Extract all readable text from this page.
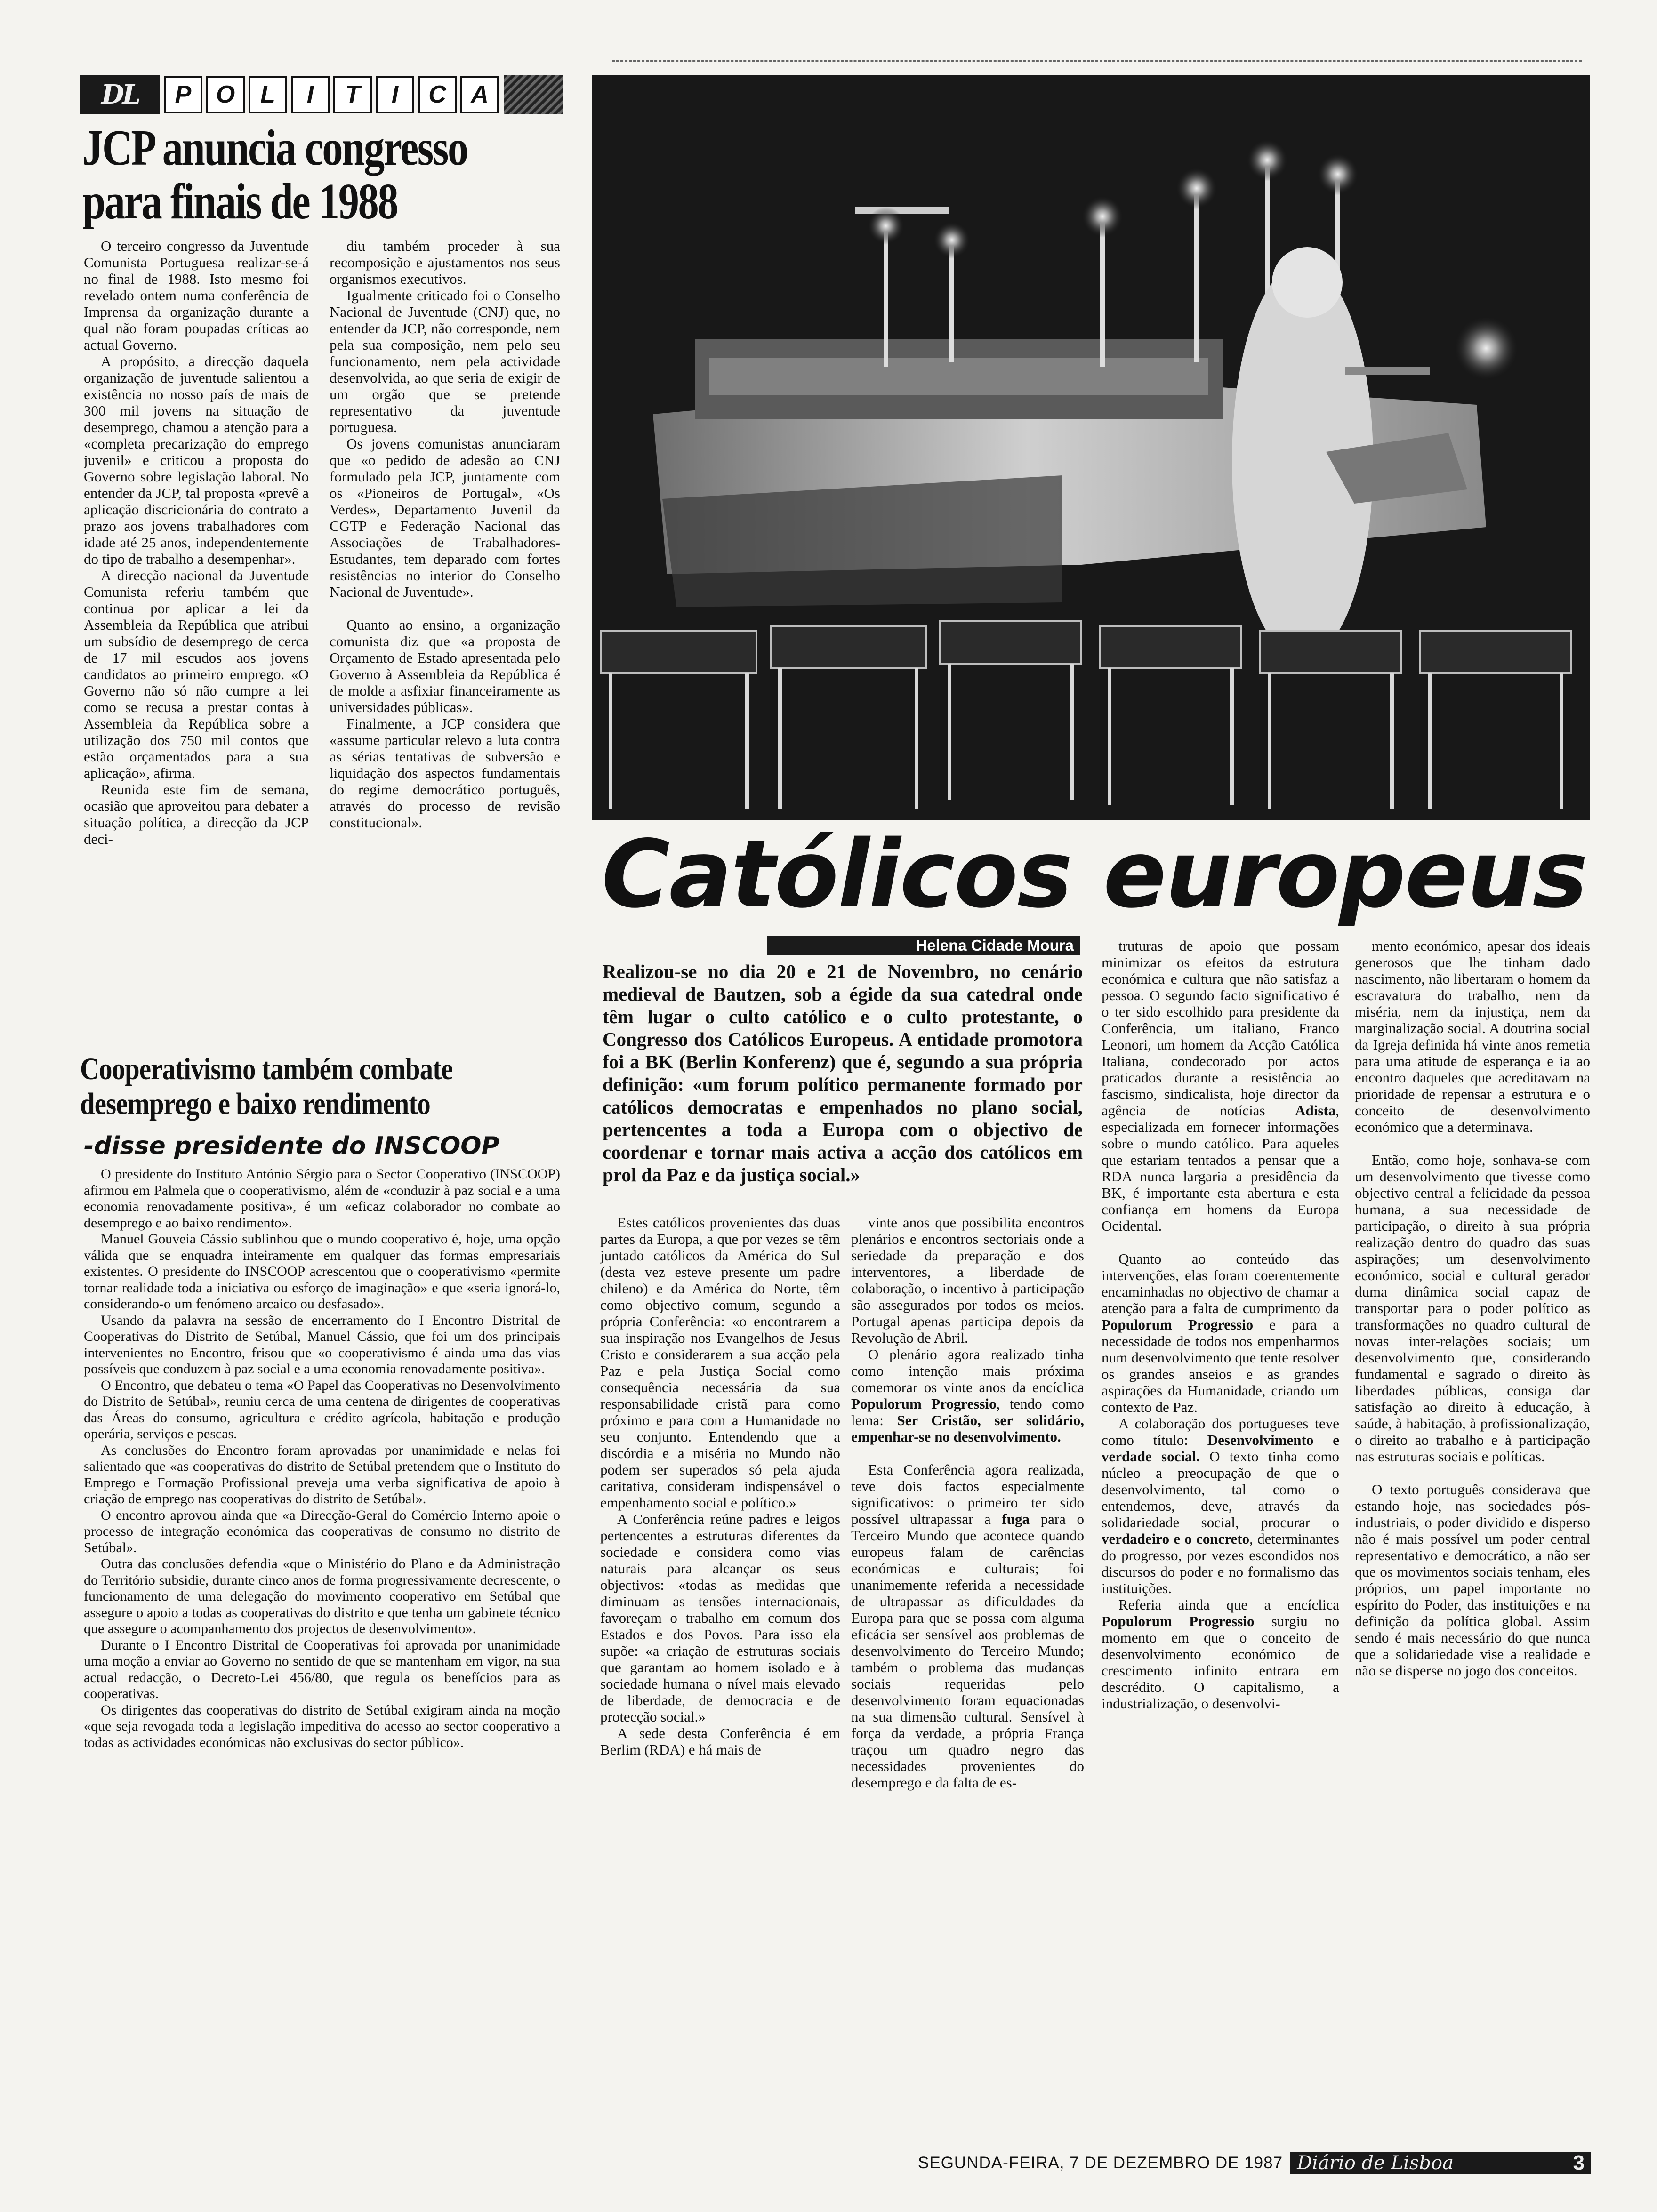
DL	P	O	L	I	T	I	C	A
JCP anuncia congresso para finais de 1988

O terceiro congresso da Juventude Comunista Portuguesa realizar-se-á no final de 1988. Isto mesmo foi revelado ontem numa conferência de Imprensa da organização durante a qual não foram poupadas críticas ao actual Governo.

A propósito, a direcção daquela organização de juventude salientou a existência no nosso país de mais de 300 mil jovens na situação de desemprego, chamou a atenção para a «completa precarização do emprego juvenil» e criticou a proposta do Governo sobre legislação laboral. No entender da JCP, tal proposta «prevê a aplicação discricionária do contrato a prazo aos jovens trabalhadores com idade até 25 anos, independentemente do tipo de trabalho a desempenhar».

A direcção nacional da Juventude Comunista referiu também que continua por aplicar a lei da Assembleia da República que atribui um subsídio de desemprego de cerca de 17 mil escudos aos jovens candidatos ao primeiro emprego. «O Governo não só não cumpre a lei como se recusa a prestar contas à Assembleia da República sobre a utilização dos 750 mil contos que estão orçamentados para a sua aplicação», afirma.

Reunida este fim de semana, ocasião que aproveitou para debater a situação política, a direcção da JCP deci-

diu também proceder à sua recomposição e ajustamentos nos seus organismos executivos.

Igualmente criticado foi o Conselho Nacional de Juventude (CNJ) que, no entender da JCP, não corresponde, nem pela sua composição, nem pelo seu funcionamento, nem pela actividade desenvolvida, ao que seria de exigir de um orgão que se pretende representativo da juventude portuguesa.

Os jovens comunistas anunciaram que «o pedido de adesão ao CNJ formulado pela JCP, juntamente com os «Pioneiros de Portugal», «Os Verdes», Departamento Juvenil da CGTP e Federação Nacional das Associações de Trabalhadores-Estudantes, tem deparado com fortes resistências no interior do Conselho Nacional de Juventude».

Quanto ao ensino, a organização comunista diz que «a proposta de Orçamento de Estado apresentada pelo Governo à Assembleia da República é de molde a asfixiar financeiramente as universidades públicas».

Finalmente, a JCP considera que «assume particular relevo a luta contra as sérias tentativas de subversão e liquidação dos aspectos fundamentais do regime democrático português, através do processo de revisão constitucional».	Católicos europeus
Helena Cidade Moura
Realizou-se no dia 20 e 21 de Novembro, no cenário medieval de Bautzen, sob a égide da sua catedral onde têm lugar o culto católico e o culto protestante, o Congresso dos Católicos Europeus. A entidade promotora foi a BK (Berlin Konferenz) que é, segundo a sua própria definição: «um forum político permanente formado por católicos democratas e empenhados no plano social, pertencentes a toda a Europa com o objectivo de coordenar e tornar mais activa a acção dos católicos em prol da Paz e da justiça social.»

Estes católicos provenientes das duas partes da Europa, a que por vezes se têm juntado católicos da América do Sul (desta vez esteve presente um padre chileno) e da América do Norte, têm como objectivo comum, segundo a própria Conferência: «o encontrarem a sua inspiração nos Evangelhos de Jesus Cristo e considerarem a sua acção pela Paz e pela Justiça Social como consequência necessária da sua responsabilidade cristã para como próximo e para com a Humanidade no seu conjunto. Entendendo que a discórdia e a miséria no Mundo não podem ser superados só pela ajuda caritativa, consideram indispensável o empenhamento social e político.»

A Conferência reúne padres e leigos pertencentes a estruturas diferentes da sociedade e considera como vias naturais para alcançar os seus objectivos: «todas as medidas que diminuam as tensões internacionais, favoreçam o trabalho em comum dos Estados e dos Povos. Para isso ela supõe: «a criação de estruturas sociais que garantam ao homem isolado e à sociedade humana o nível mais elevado de liberdade, de democracia e de protecção social.»

A sede desta Conferência é em Berlim (RDA) e há mais de

vinte anos que possibilita encontros plenários e encontros sectoriais onde a seriedade da preparação e dos interventores, a liberdade de colaboração, o incentivo à participação são assegurados por todos os meios. Portugal apenas participa depois da Revolução de Abril.

O plenário agora realizado tinha como intenção mais próxima comemorar os vinte anos da encíclica Populorum Progressio, tendo como lema: Ser Cristão, ser solidário, empenhar-se no desenvolvimento.

Esta Conferência agora realizada, teve dois factos especialmente significativos: o primeiro ter sido possível ultrapassar a fuga para o Terceiro Mundo que acontece quando europeus falam de carências económicas e culturais; foi unanimemente referida a necessidade de ultrapassar as dificuldades da Europa para que se possa com alguma eficácia ser sensível aos problemas de desenvolvimento do Terceiro Mundo; também o problema das mudanças sociais requeridas pelo desenvolvimento foram equacionadas na sua dimensão cultural. Sensível à força da verdade, a própria França traçou um quadro negro das necessidades provenientes do desemprego e da falta de es-

truturas de apoio que possam minimizar os efeitos da estrutura económica e cultura que não satisfaz a pessoa. O segundo facto significativo é o ter sido escolhido para presidente da Conferência, um italiano, Franco Leonori, um homem da Acção Católica Italiana, condecorado por actos praticados durante a resistência ao fascismo, sindicalista, hoje director da agência de notícias Adista, especializada em fornecer informações sobre o mundo católico. Para aqueles que estariam tentados a pensar que a RDA nunca largaria a presidência da BK, é importante esta abertura e esta confiança em homens da Europa Ocidental.

Quanto ao conteúdo das intervenções, elas foram coerentemente encaminhadas no objectivo de chamar a atenção para a falta de cumprimento da Populorum Progressio e para a necessidade de todos nos empenharmos num desenvolvimento que tente resolver os grandes anseios e as grandes aspirações da Humanidade, criando um contexto de Paz.

A colaboração dos portugueses teve como título: Desenvolvimento e verdade social. O texto tinha como núcleo a preocupação de que o desenvolvimento, tal como o entendemos, deve, através da solidariedade social, procurar o verdadeiro e o concreto, determinantes do progresso, por vezes escondidos nos discursos do poder e no formalismo das instituições.

Referia ainda que a encíclica Populorum Progressio surgiu no momento em que o conceito de desenvolvimento económico de crescimento infinito entrara em descrédito. O capitalismo, a industrialização, o desenvolvi-

mento económico, apesar dos ideais generosos que lhe tinham dado nascimento, não libertaram o homem da escravatura do trabalho, nem da miséria, nem da injustiça, nem da marginalização social. A doutrina social da Igreja definida há vinte anos remetia para uma atitude de esperança e ia ao encontro daqueles que acreditavam na prioridade de repensar a estrutura e o conceito de desenvolvimento económico que a determinava.

Então, como hoje, sonhava-se com um desenvolvimento que tivesse como objectivo central a felicidade da pessoa humana, a sua necessidade de participação, o direito à sua própria realização dentro do quadro das suas aspirações; um desenvolvimento económico, social e cultural gerador duma dinâmica social capaz de transportar para o poder político as transformações no quadro cultural de novas inter-relações sociais; um desenvolvimento que, considerando fundamental e sagrado o direito às liberdades públicas, consiga dar satisfação ao direito à educação, à saúde, à habitação, à profissionalização, o direito ao trabalho e à participação nas estruturas sociais e políticas.

O texto português considerava que estando hoje, nas sociedades pós-industriais, o poder dividido e disperso não é mais possível um poder central representativo e democrático, a não ser que os movimentos sociais tenham, eles próprios, um papel importante no espírito do Poder, das instituições e na definição da política global. Assim sendo é mais necessário do que nunca que a solidariedade vise a realidade e não se disperse no jogo dos conceitos.

Cooperativismo também combate desemprego e baixo rendimento
-disse presidente do INSCOOP

O presidente do Instituto António Sérgio para o Sector Cooperativo (INSCOOP) afirmou em Palmela que o cooperativismo, além de «conduzir à paz social e a uma economia renovadamente positiva», é um «eficaz colaborador no combate ao desemprego e ao baixo rendimento».

Manuel Gouveia Cássio sublinhou que o mundo cooperativo é, hoje, uma opção válida que se enquadra inteiramente em qualquer das formas empresariais existentes. O presidente do INSCOOP acrescentou que o cooperativismo «permite tornar realidade toda a iniciativa ou esforço de imaginação» e que «seria ignorá-lo, considerando-o um fenómeno arcaico ou desfasado».

Usando da palavra na sessão de encerramento do I Encontro Distrital de Cooperativas do Distrito de Setúbal, Manuel Cássio, que foi um dos principais intervenientes no Encontro, frisou que «o cooperativismo é ainda uma das vias possíveis que conduzem à paz social e a uma economia renovadamente positiva».

O Encontro, que debateu o tema «O Papel das Cooperativas no Desenvolvimento do Distrito de Setúbal», reuniu cerca de uma centena de dirigentes de cooperativas das Áreas do consumo, agricultura e crédito agrícola, habitação e produção operária, serviços e pescas.

As conclusões do Encontro foram aprovadas por unanimidade e nelas foi salientado que «as cooperativas do distrito de Setúbal pretendem que o Instituto do Emprego e Formação Profissional preveja uma verba significativa de apoio à criação de emprego nas cooperativas do distrito de Setúbal».

O encontro aprovou ainda que «a Direcção-Geral do Comércio Interno apoie o processo de integração económica das cooperativas de consumo no distrito de Setúbal».

Outra das conclusões defendia «que o Ministério do Plano e da Administração do Território subsidie, durante cinco anos de forma progressivamente decrescente, o funcionamento de uma delegação do movimento cooperativo em Setúbal que assegure o apoio a todas as cooperativas do distrito e que tenha um gabinete técnico que assegure o acompanhamento dos projectos de desenvolvimento».

Durante o I Encontro Distrital de Cooperativas foi aprovada por unanimidade uma moção a enviar ao Governo no sentido de que se mantenham em vigor, na sua actual redacção, o Decreto-Lei 456/80, que regula os benefícios para as cooperativas.

Os dirigentes das cooperativas do distrito de Setúbal exigiram ainda na moção «que seja revogada toda a legislação impeditiva do acesso ao sector cooperativo a todas as actividades económicas não exclusivas do sector público».

SEGUNDA-FEIRA, 7 DE DEZEMBRO DE 1987 Diário de Lisboa	3
